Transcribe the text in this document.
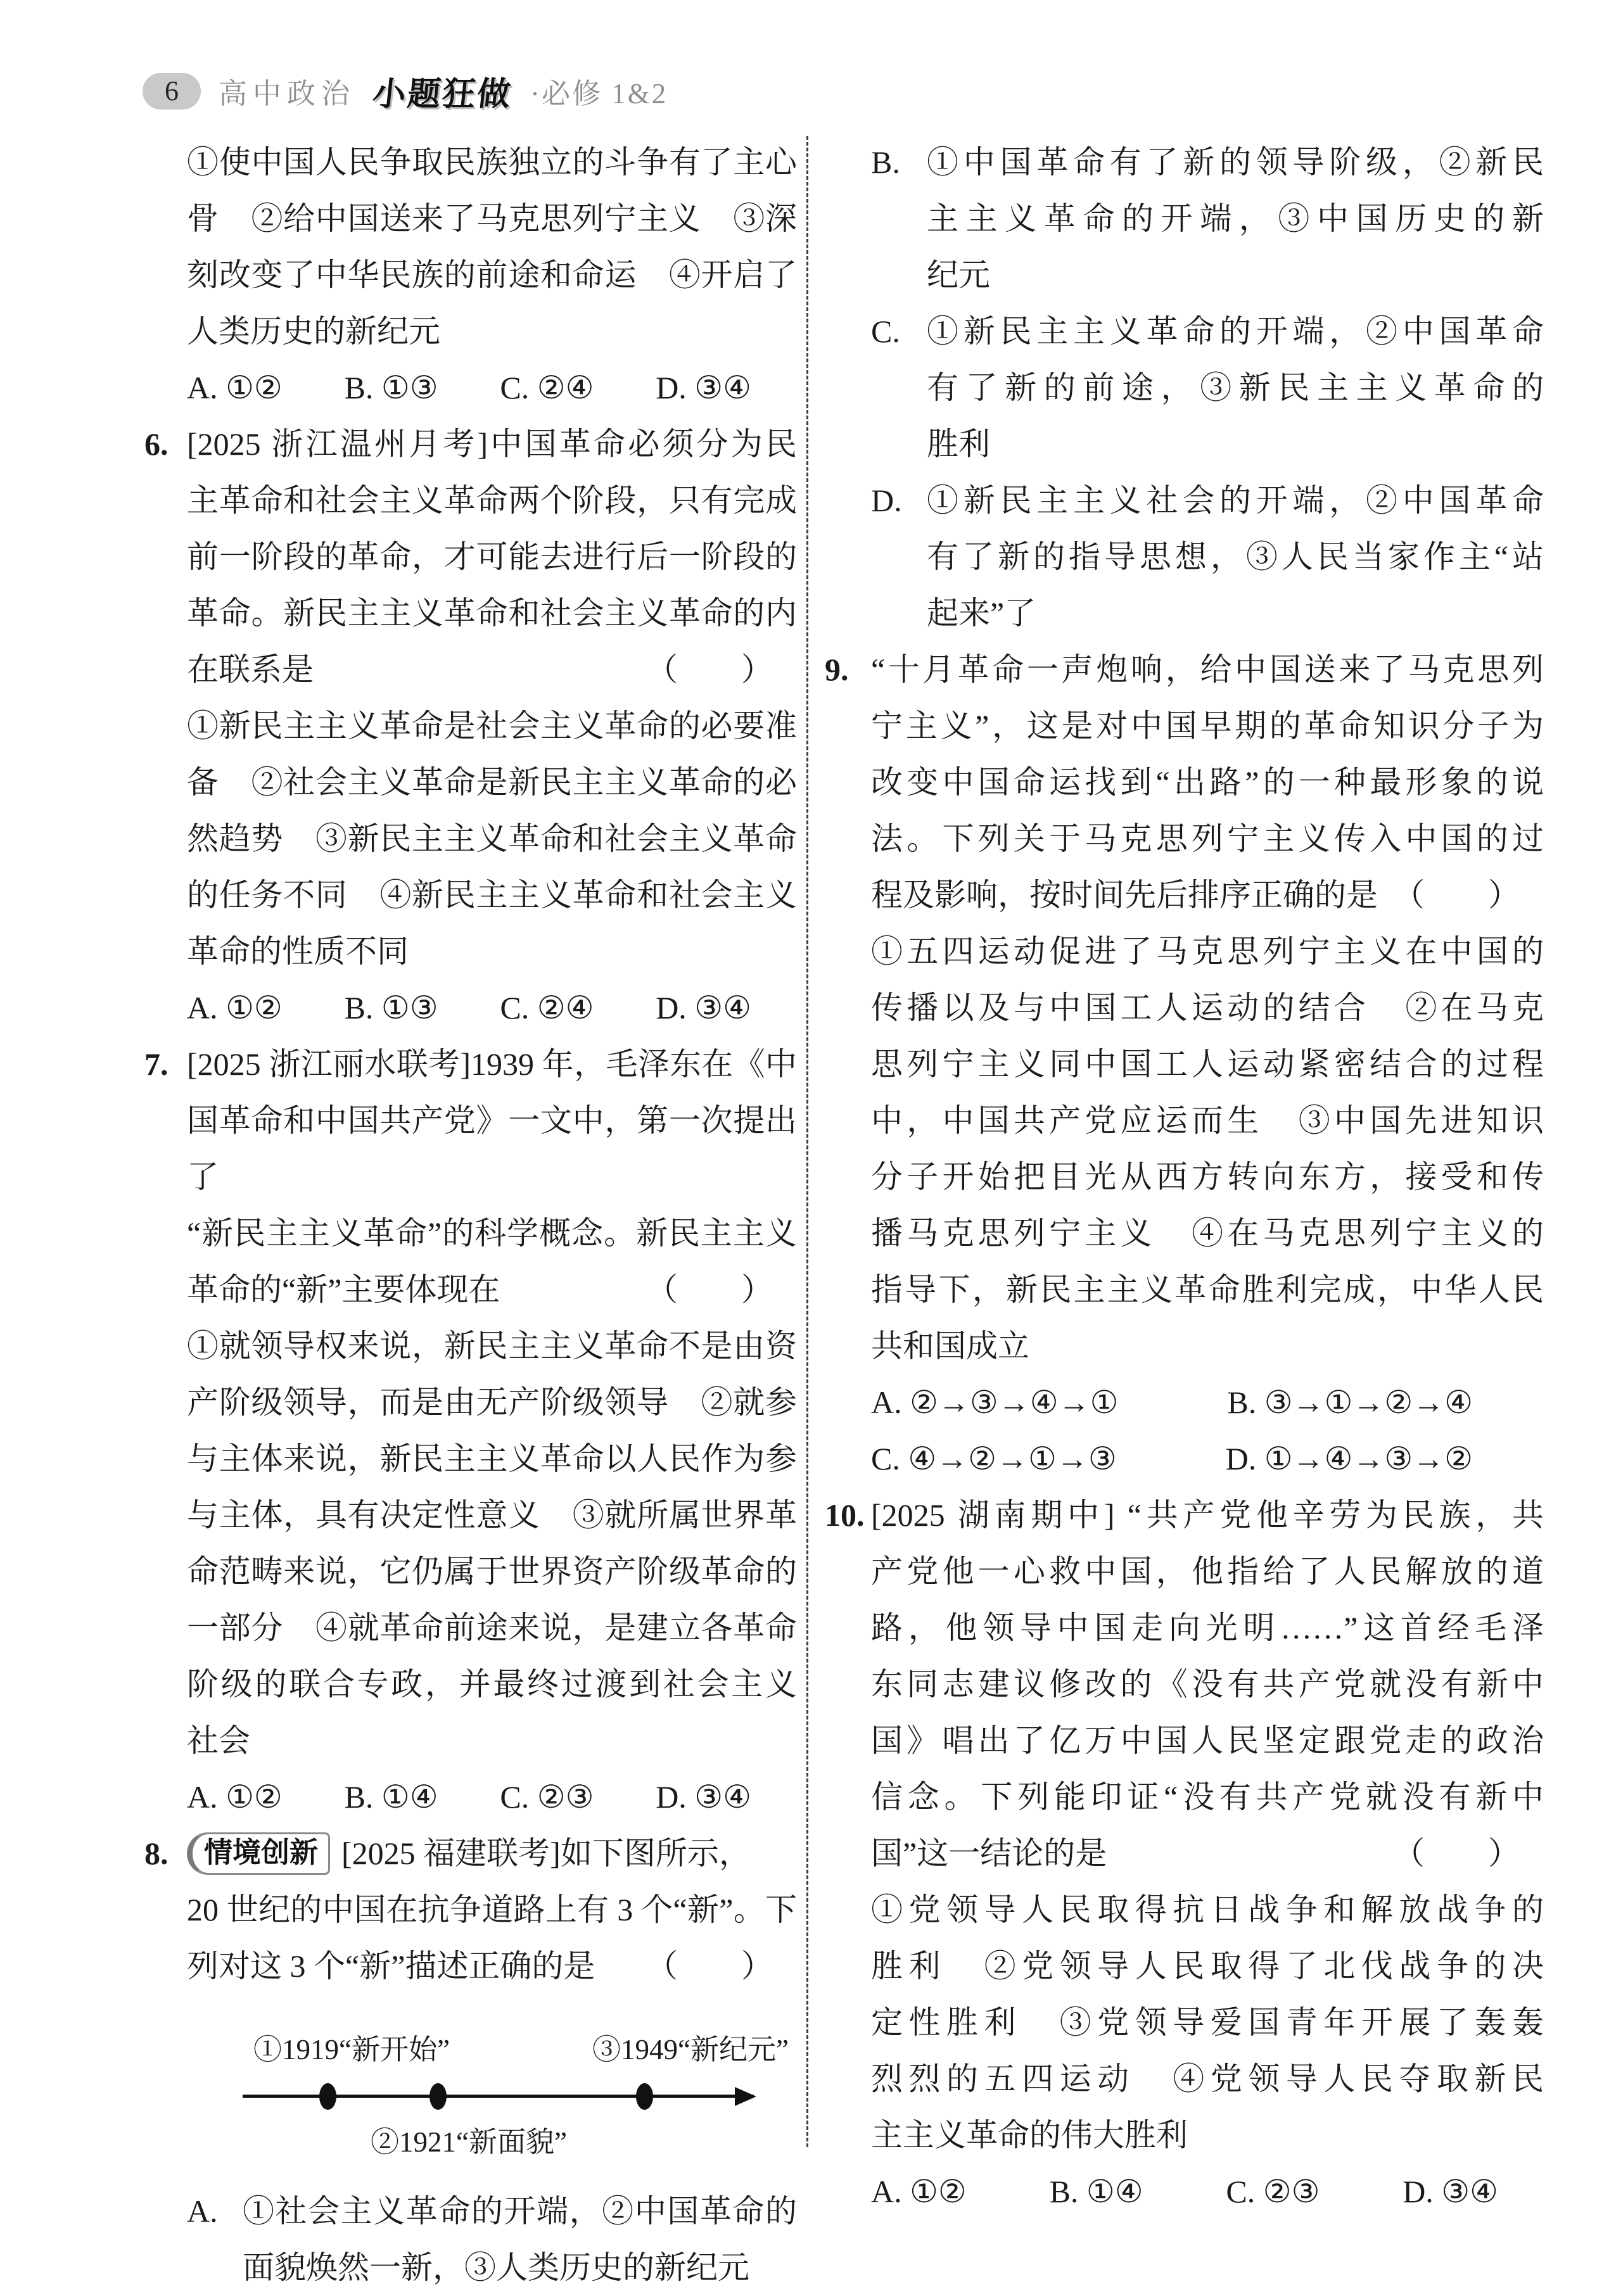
6 高中政治 小题狂做 ·必修 1&2
①使中国人民争取民族独立的斗争有了主心
骨　②给中国送来了马克思列宁主义　③深
刻改变了中华民族的前途和命运　④开启了
人类历史的新纪元
A. ①② B. ①③ C. ②④ D. ③④
6. [2025 浙江温州月考]中国革命必须分为民
主革命和社会主义革命两个阶段，只有完成
前一阶段的革命，才可能去进行后一阶段的
革命。新民主主义革命和社会主义革命的内
在联系是	（　　）
①新民主主义革命是社会主义革命的必要准
备　②社会主义革命是新民主主义革命的必
然趋势　③新民主主义革命和社会主义革命
的任务不同　④新民主主义革命和社会主义
革命的性质不同
A. ①② B. ①③ C. ②④ D. ③④
7. [2025 浙江丽水联考]1939 年，毛泽东在《中
国革命和中国共产党》一文中，第一次提出了
“新民主主义革命”的科学概念。新民主主义
革命的“新”主要体现在	（　　）
①就领导权来说，新民主主义革命不是由资
产阶级领导，而是由无产阶级领导　②就参
与主体来说，新民主主义革命以人民作为参
与主体，具有决定性意义　③就所属世界革
命范畴来说，它仍属于世界资产阶级革命的
一部分　④就革命前途来说，是建立各革命
阶级的联合专政，并最终过渡到社会主义
社会
A. ①② B. ①④ C. ②③ D. ③④
8.	情境创新 [2025 福建联考]如下图所示，
20 世纪的中国在抗争道路上有 3 个“新”。下
列对这 3 个“新”描述正确的是 （　　）
①1919“新开始”	③1949“新纪元”
②1921“新面貌”
A. ①社会主义革命的开端，②中国革命的
面貌焕然一新，③人类历史的新纪元
B. ①中国革命有了新的领导阶级，②新民
主主义革命的开端，③中国历史的新
纪元
C. ①新民主主义革命的开端，②中国革命
有了新的前途，③新民主主义革命的
胜利
D. ①新民主主义社会的开端，②中国革命
有了新的指导思想，③人民当家作主“站
起来”了
9. “十月革命一声炮响，给中国送来了马克思列
宁主义”，这是对中国早期的革命知识分子为
改变中国命运找到“出路”的一种最形象的说
法。下列关于马克思列宁主义传入中国的过
程及影响，按时间先后排序正确的是 （　　）
①五四运动促进了马克思列宁主义在中国的
传播以及与中国工人运动的结合　②在马克
思列宁主义同中国工人运动紧密结合的过程
中，中国共产党应运而生　③中国先进知识
分子开始把目光从西方转向东方，接受和传
播马克思列宁主义　④在马克思列宁主义的
指导下，新民主主义革命胜利完成，中华人民
共和国成立
A. ②→③→④→①	B. ③→①→②→④
C. ④→②→①→③	D. ①→④→③→②
10. [2025 湖南期中] “共产党他辛劳为民族，共
产党他一心救中国，他指给了人民解放的道
路，他领导中国走向光明……”这首经毛泽
东同志建议修改的《没有共产党就没有新中
国》唱出了亿万中国人民坚定跟党走的政治
信念。下列能印证“没有共产党就没有新中
国”这一结论的是	（　　）
①党领导人民取得抗日战争和解放战争的
胜利　②党领导人民取得了北伐战争的决
定性胜利　③党领导爱国青年开展了轰轰
烈烈的五四运动　④党领导人民夺取新民
主主义革命的伟大胜利
A. ①②	B. ①④	C. ②③	D. ③④
